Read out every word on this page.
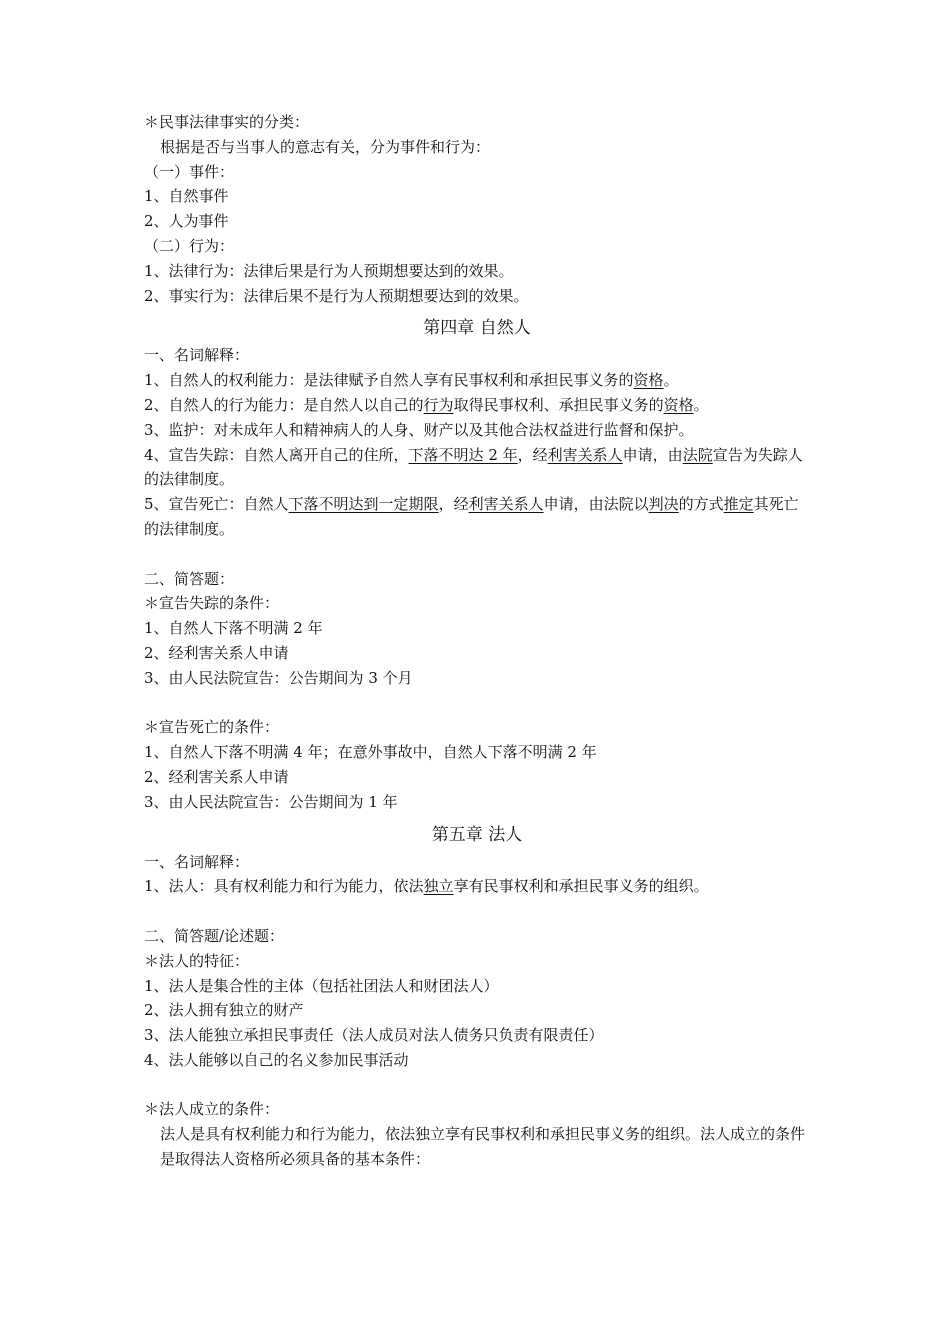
＊民事法律事实的分类：
根据是否与当事人的意志有关，分为事件和行为：
（一）事件：
1、自然事件
2、人为事件
（二）行为：
1、法律行为：法律后果是行为人预期想要达到的效果。
2、事实行为：法律后果不是行为人预期想要达到的效果。
第四章 自然人
一、名词解释：
1、自然人的权利能力：是法律赋予自然人享有民事权利和承担民事义务的资格。
2、自然人的行为能力：是自然人以自己的行为取得民事权利、承担民事义务的资格。
3、监护：对未成年人和精神病人的人身、财产以及其他合法权益进行监督和保护。
4、宣告失踪：自然人离开自己的住所，下落不明达 2 年，经利害关系人申请，由法院宣告为失踪人的法律制度。
5、宣告死亡：自然人下落不明达到一定期限，经利害关系人申请，由法院以判决的方式推定其死亡的法律制度。
二、简答题：
＊宣告失踪的条件：
1、自然人下落不明满 2 年
2、经利害关系人申请
3、由人民法院宣告：公告期间为 3 个月
＊宣告死亡的条件：
1、自然人下落不明满 4 年；在意外事故中，自然人下落不明满 2 年
2、经利害关系人申请
3、由人民法院宣告：公告期间为 1 年
第五章 法人
一、名词解释：
1、法人：具有权利能力和行为能力，依法独立享有民事权利和承担民事义务的组织。
二、简答题/论述题：
＊法人的特征：
1、法人是集合性的主体（包括社团法人和财团法人）
2、法人拥有独立的财产
3、法人能独立承担民事责任（法人成员对法人债务只负责有限责任）
4、法人能够以自己的名义参加民事活动
＊法人成立的条件：
法人是具有权利能力和行为能力，依法独立享有民事权利和承担民事义务的组织。法人成立的条件是取得法人资格所必须具备的基本条件：
